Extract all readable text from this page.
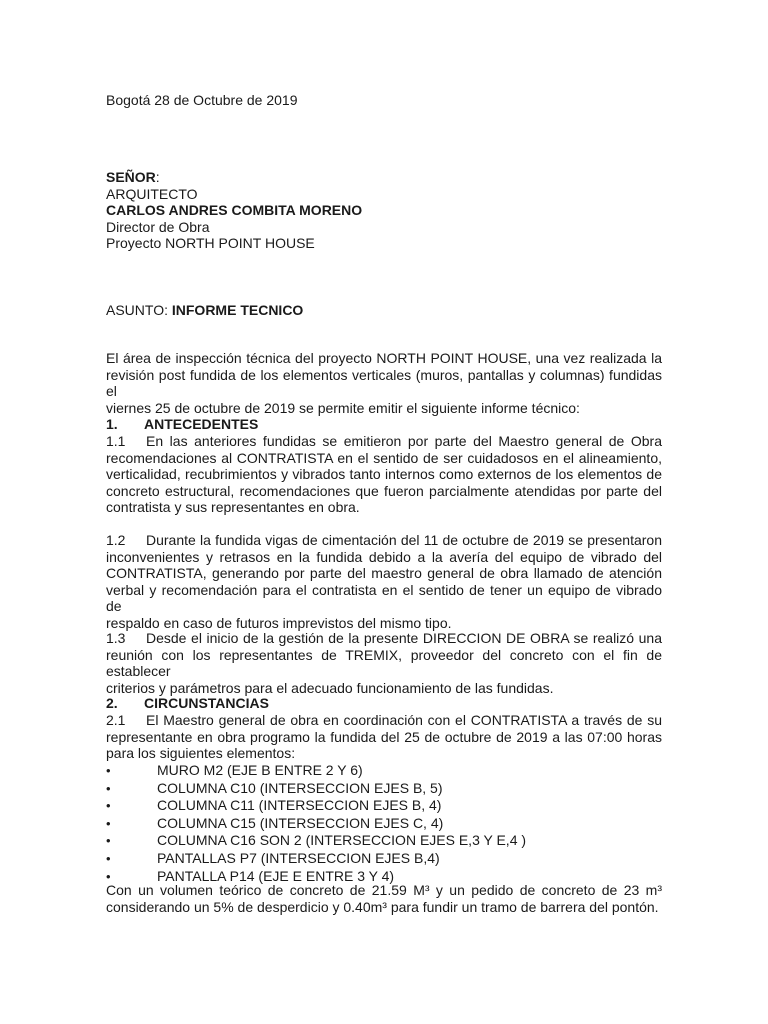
Bogotá 28 de Octubre de 2019
SEÑOR:
ARQUITECTO
CARLOS ANDRES COMBITA MORENO
Director de Obra
Proyecto NORTH POINT HOUSE
ASUNTO: INFORME TECNICO
El área de inspección técnica del proyecto NORTH POINT HOUSE, una vez realizada la
revisión post fundida de los elementos verticales (muros, pantallas y columnas) fundidas el
viernes 25 de octubre de 2019 se permite emitir el siguiente informe técnico:
1. ANTECEDENTES
1.1 En las anteriores fundidas se emitieron por parte del Maestro general de Obra
recomendaciones al CONTRATISTA en el sentido de ser cuidadosos en el alineamiento,
verticalidad, recubrimientos y vibrados tanto internos como externos de los elementos de
concreto estructural, recomendaciones que fueron parcialmente atendidas por parte del
contratista y sus representantes en obra.
1.2 Durante la fundida vigas de cimentación del 11 de octubre de 2019 se presentaron
inconvenientes y retrasos en la fundida debido a la avería del equipo de vibrado del
CONTRATISTA, generando por parte del maestro general de obra llamado de atención
verbal y recomendación para el contratista en el sentido de tener un equipo de vibrado de
respaldo en caso de futuros imprevistos del mismo tipo.
1.3 Desde el inicio de la gestión de la presente DIRECCION DE OBRA se realizó una
reunión con los representantes de TREMIX, proveedor del concreto con el fin de establecer
criterios y parámetros para el adecuado funcionamiento de las fundidas.
2. CIRCUNSTANCIAS
2.1 El Maestro general de obra en coordinación con el CONTRATISTA a través de su
representante en obra programo la fundida del 25 de octubre de 2019 a las 07:00 horas
para los siguientes elementos:
•	MURO M2 (EJE B ENTRE 2 Y 6)
•	COLUMNA C10 (INTERSECCION EJES B, 5)
•	COLUMNA C11 (INTERSECCION EJES B, 4)
•	COLUMNA C15 (INTERSECCION EJES C, 4)
•	COLUMNA C16 SON 2 (INTERSECCION EJES E,3 Y E,4 )
•	PANTALLAS P7 (INTERSECCION EJES B,4)
•	PANTALLA P14 (EJE E ENTRE 3 Y 4)
Con un volumen teórico de concreto de 21.59 M³ y un pedido de concreto de 23 m³
considerando un 5% de desperdicio y 0.40m³ para fundir un tramo de barrera del pontón.
